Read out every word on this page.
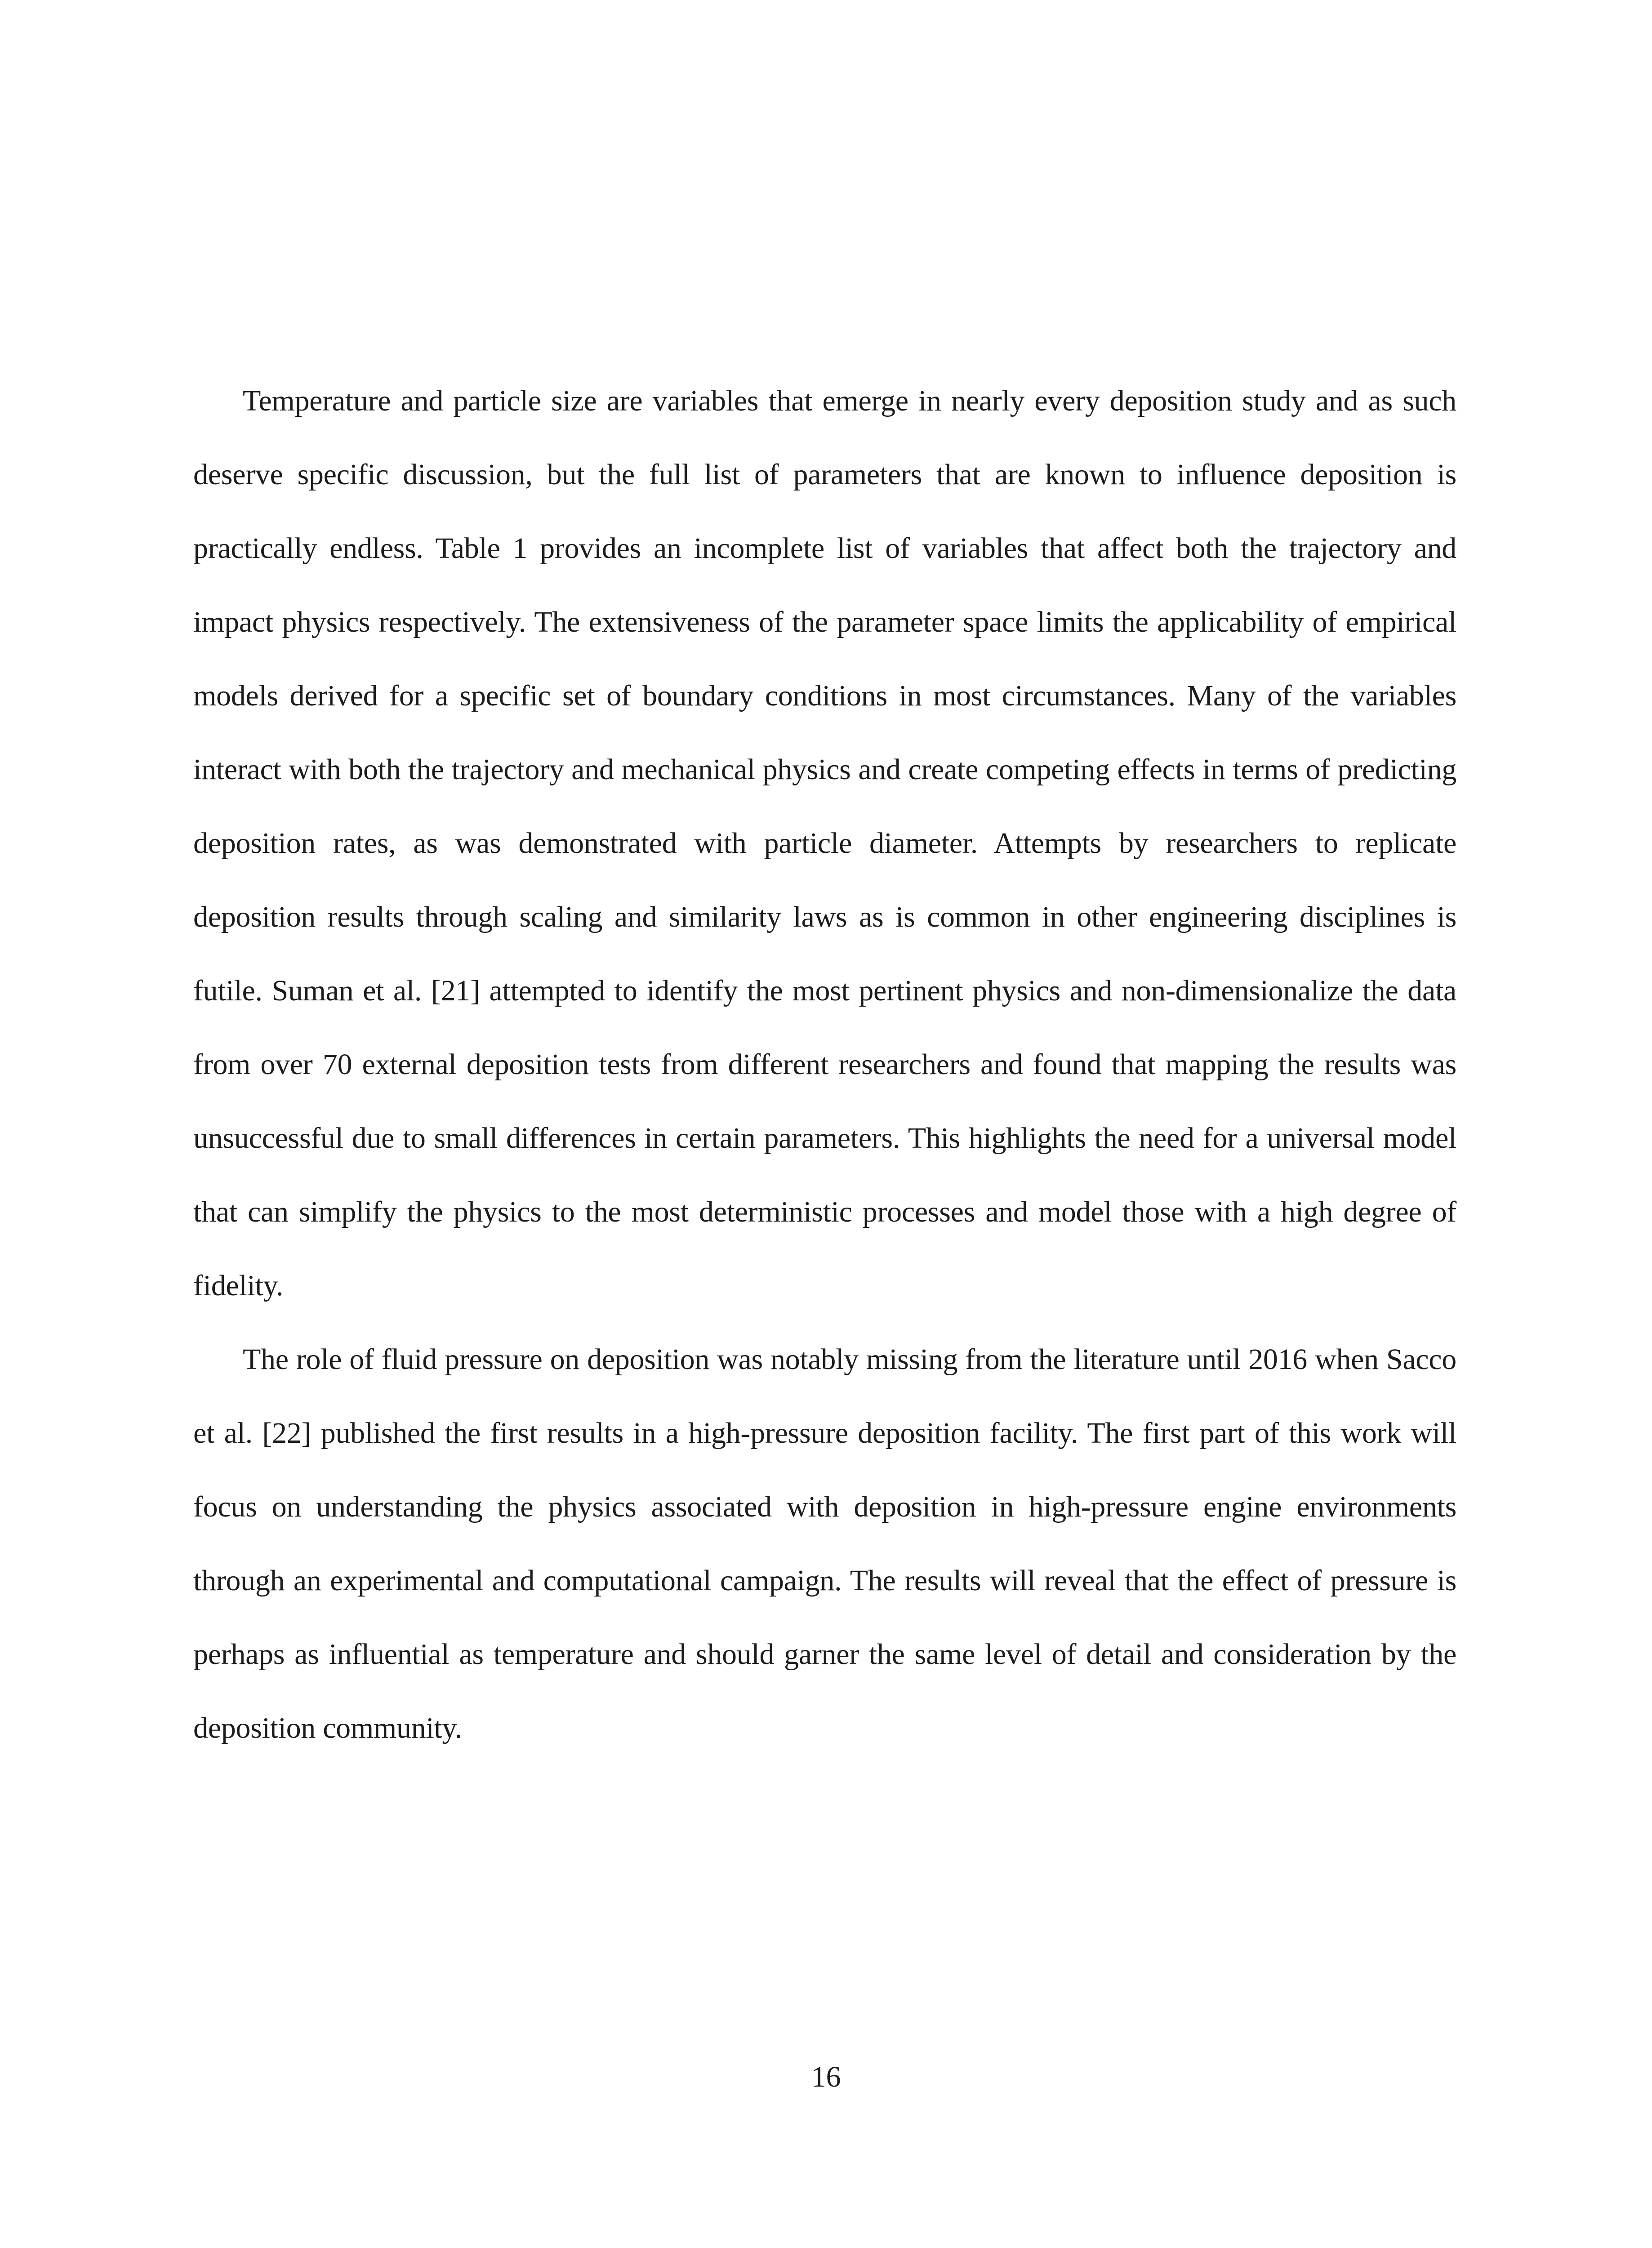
Temperature and particle size are variables that emerge in nearly every deposition study and as such deserve specific discussion, but the full list of parameters that are known to influence deposition is practically endless. Table 1 provides an incomplete list of variables that affect both the trajectory and impact physics respectively. The extensiveness of the parameter space limits the applicability of empirical models derived for a specific set of boundary conditions in most circumstances. Many of the variables interact with both the trajectory and mechanical physics and create competing effects in terms of predicting deposition rates, as was demonstrated with particle diameter. Attempts by researchers to replicate deposition results through scaling and similarity laws as is common in other engineering disciplines is futile. Suman et al. [21] attempted to identify the most pertinent physics and non-dimensionalize the data from over 70 external deposition tests from different researchers and found that mapping the results was unsuccessful due to small differences in certain parameters. This highlights the need for a universal model that can simplify the physics to the most deterministic processes and model those with a high degree of fidelity.

The role of fluid pressure on deposition was notably missing from the literature until 2016 when Sacco et al. [22] published the first results in a high-pressure deposition facility. The first part of this work will focus on understanding the physics associated with deposition in high-pressure engine environments through an experimental and computational campaign. The results will reveal that the effect of pressure is perhaps as influential as temperature and should garner the same level of detail and consideration by the deposition community.

16
